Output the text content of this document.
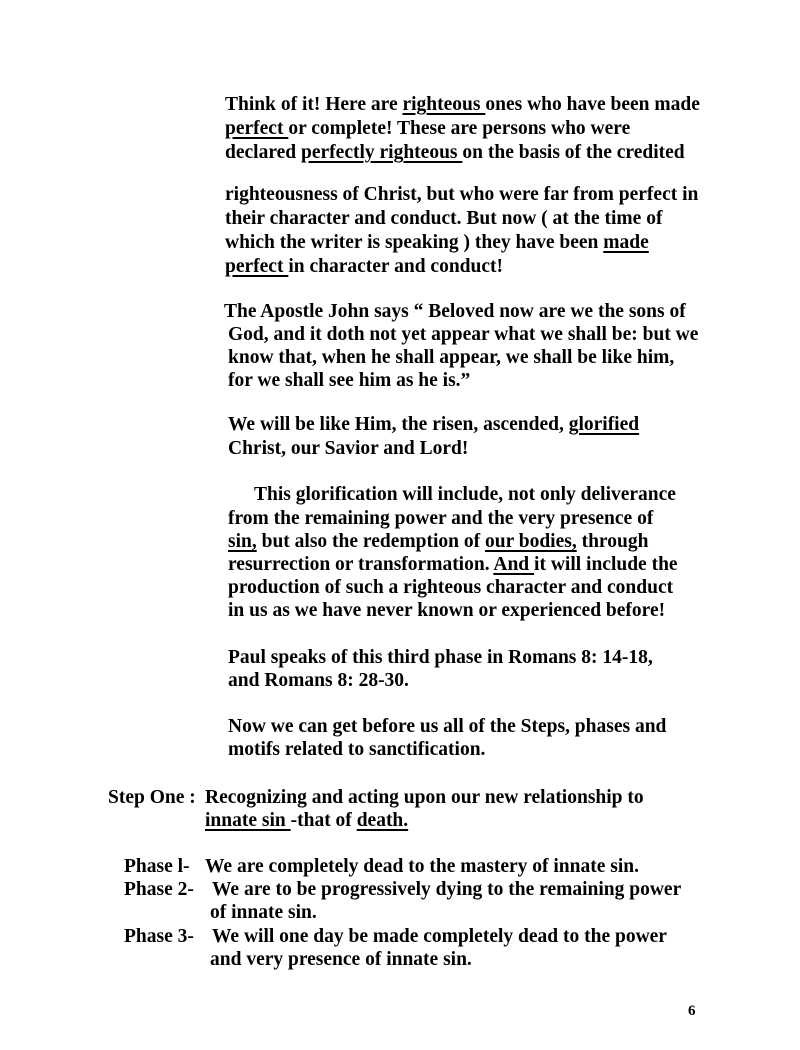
Think of it! Here are righteous ones who have been made
perfect or complete! These are persons who were
declared perfectly righteous on the basis of the credited
righteousness of Christ, but who were far from perfect in
their character and conduct. But now ( at the time of
which the writer is speaking ) they have been made
perfect in character and conduct!
The Apostle John says “ Beloved now are we the sons of
God, and it doth not yet appear what we shall be: but we
know that, when he shall appear, we shall be like him,
for we shall see him as he is.”
We will be like Him, the risen, ascended, glorified
Christ, our Savior and Lord!
This glorification will include, not only deliverance
from the remaining power and the very presence of
sin, but also the redemption of our bodies, through
resurrection or transformation. And it will include the
production of such a righteous character and conduct
in us as we have never known or experienced before!
Paul speaks of this third phase in Romans 8: 14-18,
and Romans 8: 28-30.
Now we can get before us all of the Steps, phases and
motifs related to sanctification.
Step One : Recognizing and acting upon our new relationship to
innate sin -that of death.
Phase l- We are completely dead to the mastery of innate sin.
Phase 2- We are to be progressively dying to the remaining power
of innate sin.
Phase 3- We will one day be made completely dead to the power
and very presence of innate sin.
6
